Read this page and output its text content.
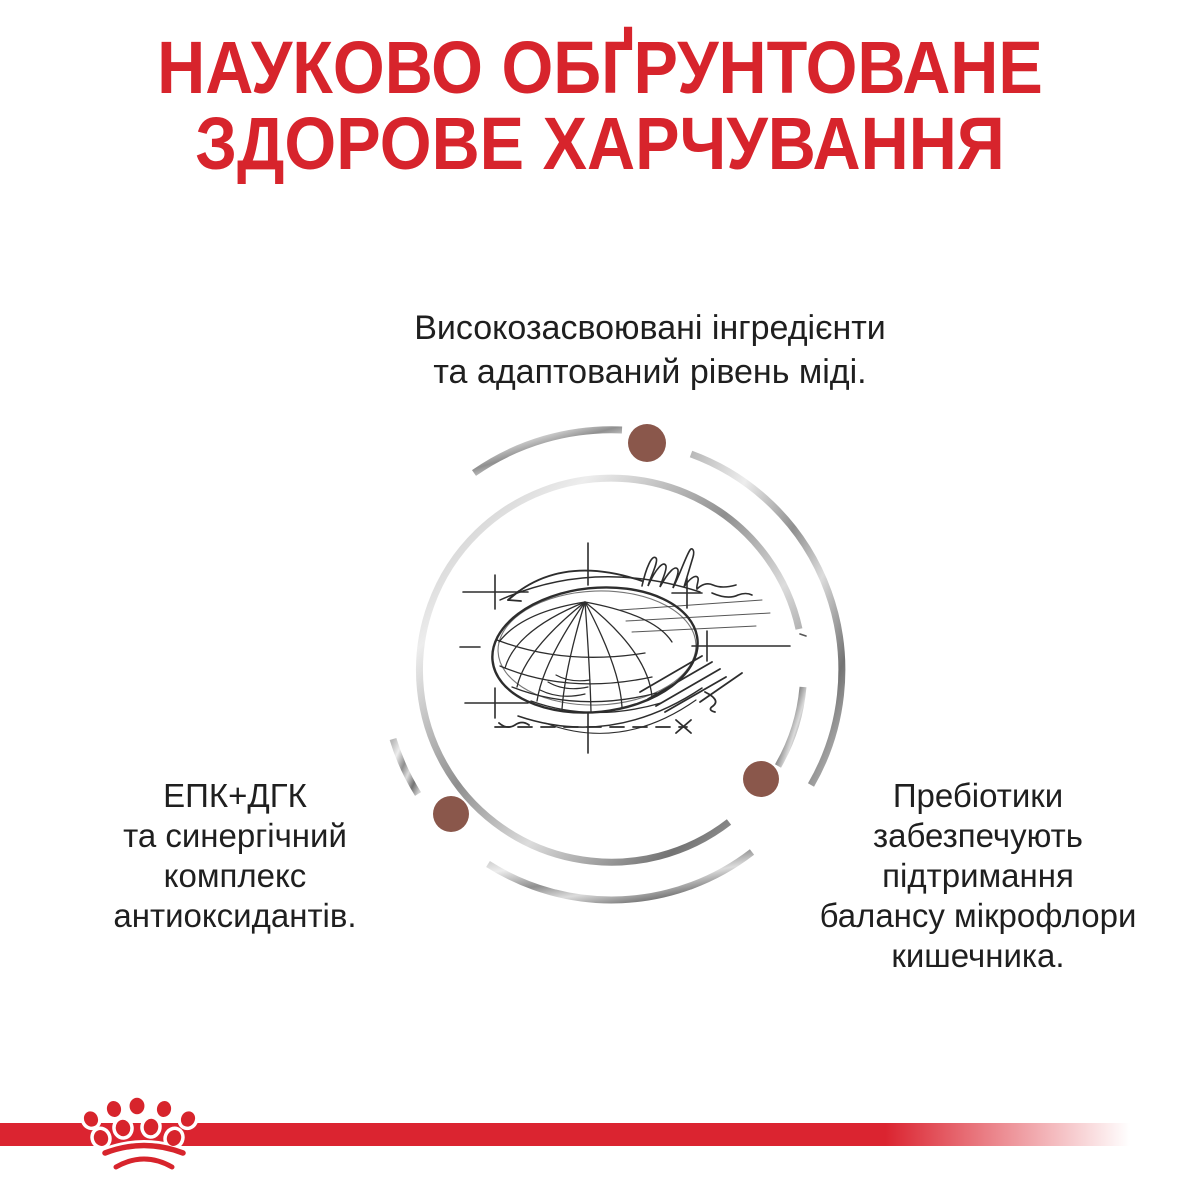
НАУКОВО ОБҐРУНТОВАНЕ
ЗДОРОВЕ ХАРЧУВАННЯ
Високозасвоювані інгредієнти
та адаптований рівень міді.
ЕПК+ДГК
та синергічний
комплекс
антиоксидантів.
Пребіотики
забезпечують
підтримання
балансу мікрофлори
кишечника.
